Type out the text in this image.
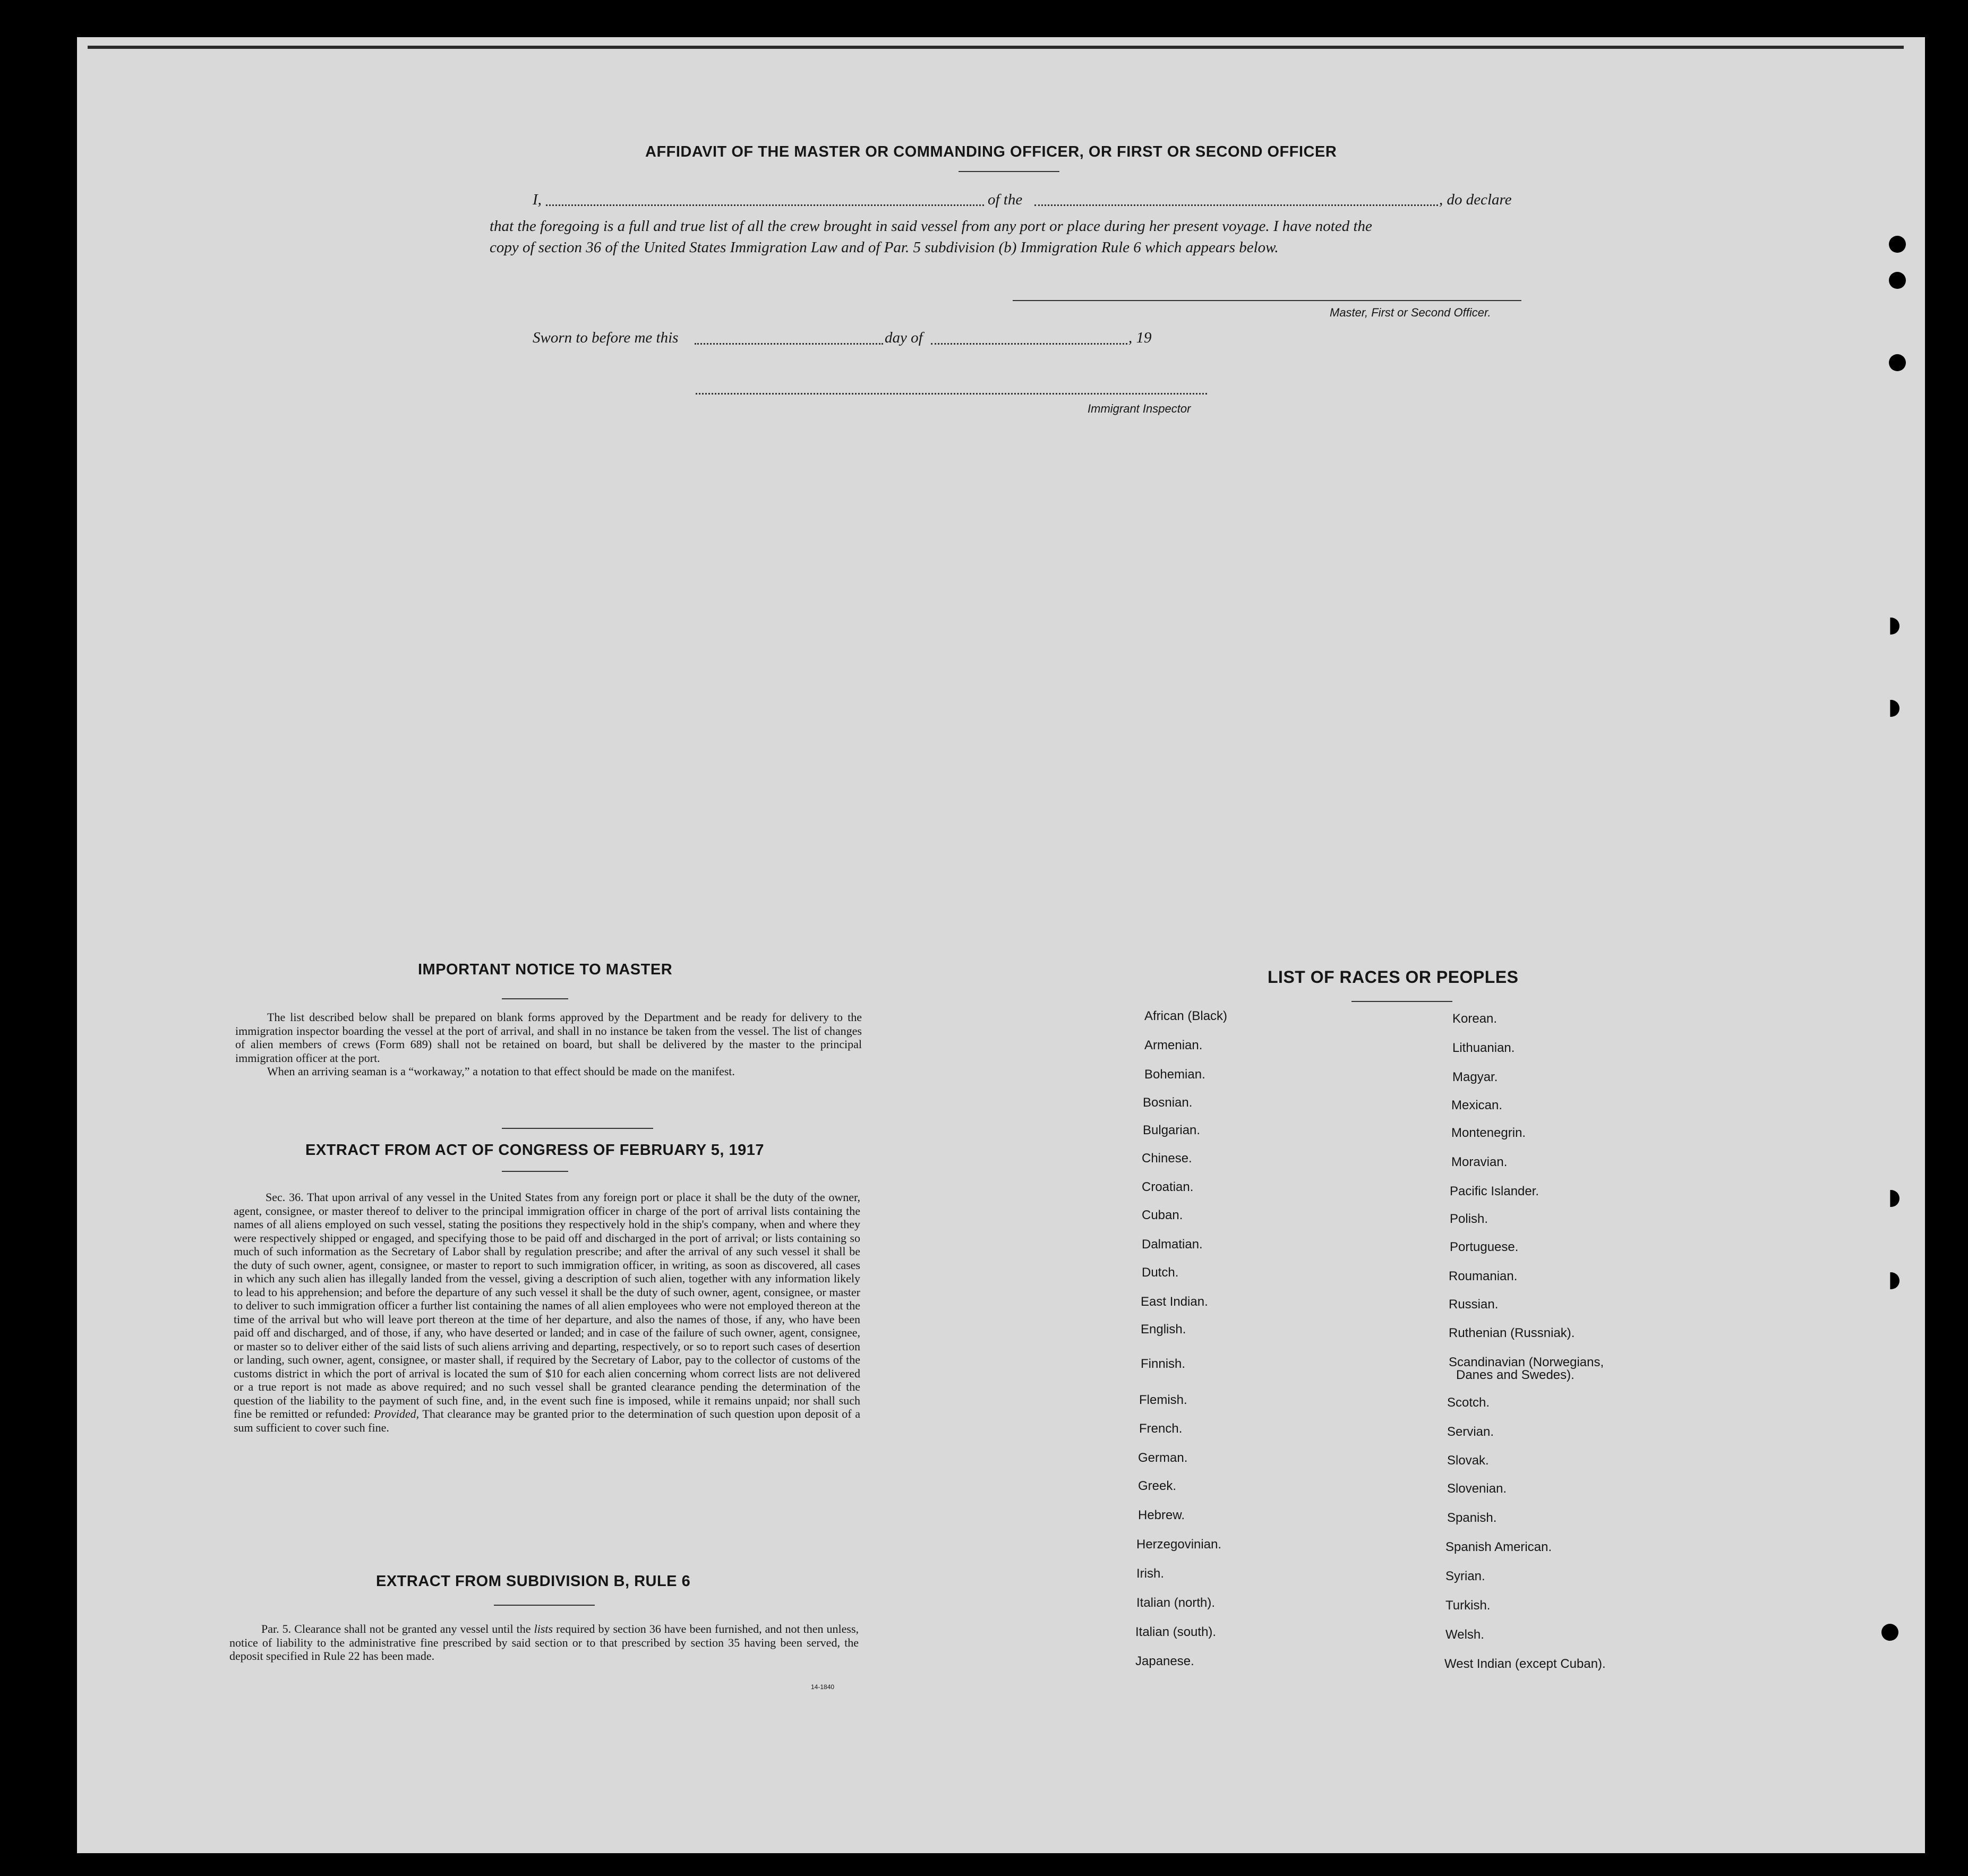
AFFIDAVIT OF THE MASTER OR COMMANDING OFFICER, OR FIRST OR SECOND OFFICER
I,	of the	, do declare
that the foregoing is a full and true list of all the crew brought in said vessel from any port or place during her present voyage. I have noted the
copy of section 36 of the United States Immigration Law and of Par. 5 subdivision (b) Immigration Rule 6 which appears below.
Master, First or Second Officer.
Sworn to before me this	day of	, 19
Immigrant Inspector
IMPORTANT NOTICE TO MASTER

The list described below shall be prepared on blank forms approved by the Department and be ready for delivery to the immigration inspector boarding the vessel at the port of arrival, and shall in no instance be taken from the vessel. The list of changes of alien members of crews (Form 689) shall not be retained on board, but shall be delivered by the master to the principal immigration officer at the port.

When an arriving seaman is a “workaway,” a notation to that effect should be made on the manifest.

EXTRACT FROM ACT OF CONGRESS OF FEBRUARY 5, 1917

Sec. 36. That upon arrival of any vessel in the United States from any foreign port or place it shall be the duty of the owner, agent, consignee, or master thereof to deliver to the principal immigration officer in charge of the port of arrival lists containing the names of all aliens employed on such vessel, stating the positions they respectively hold in the ship's company, when and where they were respectively shipped or engaged, and specifying those to be paid off and discharged in the port of arrival; or lists containing so much of such information as the Secretary of Labor shall by regulation prescribe; and after the arrival of any such vessel it shall be the duty of such owner, agent, consignee, or master to report to such immigration officer, in writing, as soon as discovered, all cases in which any such alien has illegally landed from the vessel, giving a description of such alien, together with any information likely to lead to his apprehension; and before the departure of any such vessel it shall be the duty of such owner, agent, consignee, or master to deliver to such immigration officer a further list containing the names of all alien employees who were not employed thereon at the time of the arrival but who will leave port thereon at the time of her departure, and also the names of those, if any, who have been paid off and discharged, and of those, if any, who have deserted or landed; and in case of the failure of such owner, agent, consignee, or master so to deliver either of the said lists of such aliens arriving and departing, respectively, or so to report such cases of desertion or landing, such owner, agent, consignee, or master shall, if required by the Secretary of Labor, pay to the collector of customs of the customs district in which the port of arrival is located the sum of $10 for each alien concerning whom correct lists are not delivered or a true report is not made as above required; and no such vessel shall be granted clearance pending the determination of the question of the liability to the payment of such fine, and, in the event such fine is imposed, while it remains unpaid; nor shall such fine be remitted or refunded: Provided, That clearance may be granted prior to the determination of such question upon deposit of a sum sufficient to cover such fine.

EXTRACT FROM SUBDIVISION B, RULE 6

Par. 5. Clearance shall not be granted any vessel until the lists required by section 36 have been furnished, and not then unless, notice of liability to the administrative fine prescribed by said section or to that prescribed by section 35 having been served, the deposit specified in Rule 22 has been made.

14-1840
LIST OF RACES OR PEOPLES
African (Black)
Armenian.
Bohemian.
Bosnian.
Bulgarian.
Chinese.
Croatian.
Cuban.
Dalmatian.
Dutch.
East Indian.
English.
Finnish.
Flemish.
French.
German.
Greek.
Hebrew.
Herzegovinian.
Irish.
Italian (north).
Italian (south).
Japanese.
Korean.
Lithuanian.
Magyar.
Mexican.
Montenegrin.
Moravian.
Pacific Islander.
Polish.
Portuguese.
Roumanian.
Russian.
Ruthenian (Russniak).
Scandinavian (Norwegians,
Danes and Swedes).
Scotch.
Servian.
Slovak.
Slovenian.
Spanish.
Spanish American.
Syrian.
Turkish.
Welsh.
West Indian (except Cuban).
